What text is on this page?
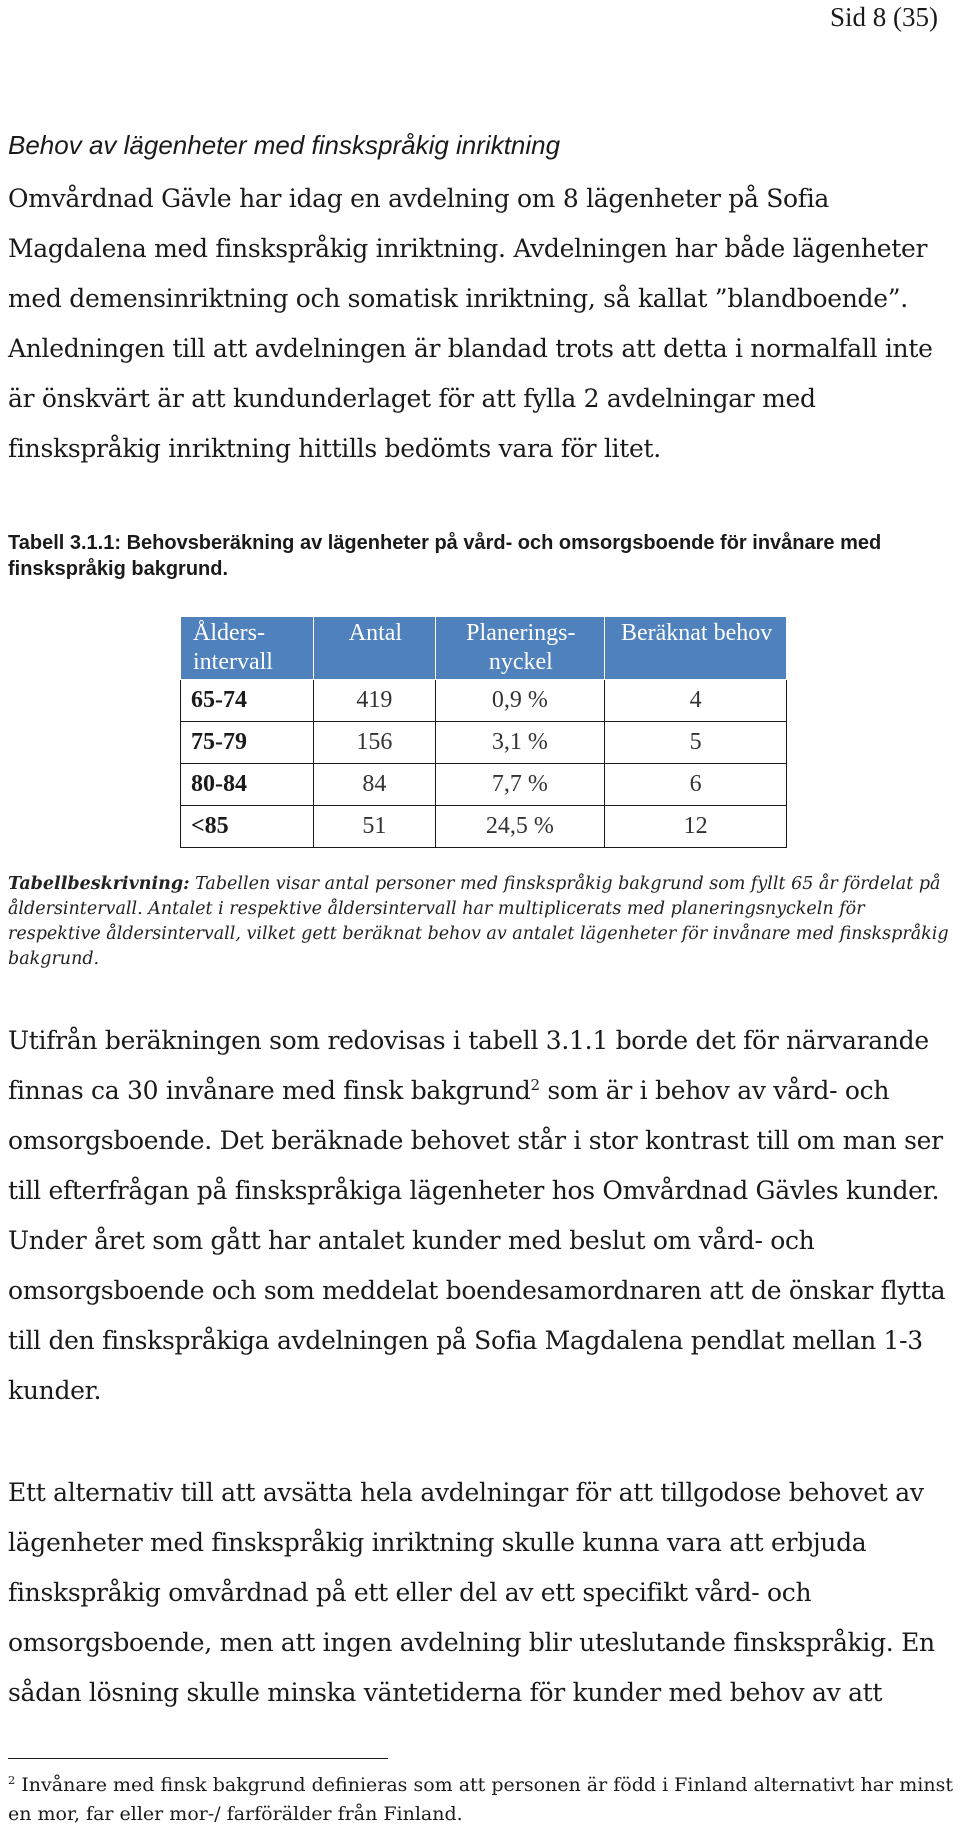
Sid 8 (35)
Behov av lägenheter med finskspråkig inriktning

Omvårdnad Gävle har idag en avdelning om 8 lägenheter på Sofia Magdalena med finskspråkig inriktning. Avdelningen har både lägenheter med demensinriktning och somatisk inriktning, så kallat ”blandboende”. Anledningen till att avdelningen är blandad trots att detta i normalfall inte är önskvärt är att kundunderlaget för att fylla 2 avdelningar med finskspråkig inriktning hittills bedömts vara för litet.

Tabell 3.1.1: Behovsberäkning av lägenheter på vård- och omsorgsboende för invånare med finskspråkig bakgrund.

Ålders-intervall	Antal	Planerings-nyckel	Beräknat behov
65-74	419	0,9 %	4
75-79	156	3,1 %	5
80-84	84	7,7 %	6
<85	51	24,5 %	12

Tabellbeskrivning: Tabellen visar antal personer med finskspråkig bakgrund som fyllt 65 år fördelat på åldersintervall. Antalet i respektive åldersintervall har multiplicerats med planeringsnyckeln för respektive åldersintervall, vilket gett beräknat behov av antalet lägenheter för invånare med finskspråkig bakgrund.

Utifrån beräkningen som redovisas i tabell 3.1.1 borde det för närvarande finnas ca 30 invånare med finsk bakgrund$^2$ som är i behov av vård- och omsorgsboende. Det beräknade behovet står i stor kontrast till om man ser till efterfrågan på finskspråkiga lägenheter hos Omvårdnad Gävles kunder. Under året som gått har antalet kunder med beslut om vård- och omsorgsboende och som meddelat boendesamordnaren att de önskar flytta till den finskspråkiga avdelningen på Sofia Magdalena pendlat mellan 1-3 kunder.

Ett alternativ till att avsätta hela avdelningar för att tillgodose behovet av lägenheter med finskspråkig inriktning skulle kunna vara att erbjuda finskspråkig omvårdnad på ett eller del av ett specifikt vård- och omsorgsboende, men att ingen avdelning blir uteslutande finskspråkig. En sådan lösning skulle minska väntetiderna för kunder med behov av att

$^2$ Invånare med finsk bakgrund definieras som att personen är född i Finland alternativt har minst en mor, far eller mor-/ farförälder från Finland.
